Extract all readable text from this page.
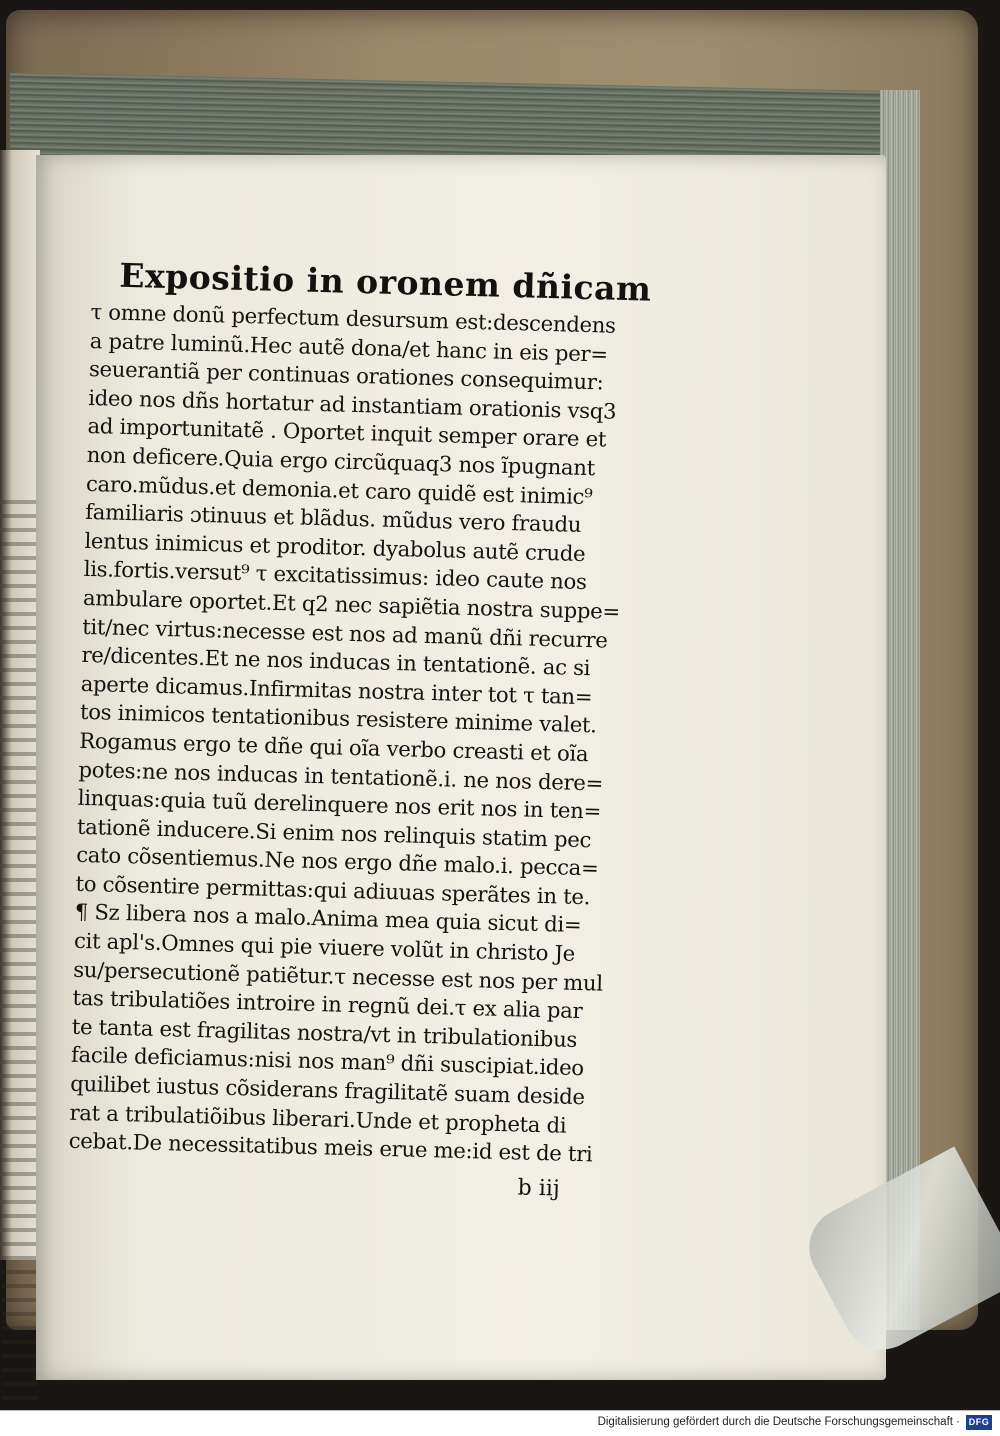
Expositio in oronem dñicam
τ omne donũ perfectum desursum est:descendens
a patre luminũ.Hec autẽ dona/et hanc in eis per=
seuerantiã per continuas orationes consequimur:
ideo nos dñs hortatur ad instantiam orationis vsq3
ad importunitatẽ . Oportet inquit semper orare et
non deficere.Quia ergo circũquaq3 nos ĩpugnant
caro.mũdus.et demonia.et caro quidẽ est inimic⁹
familiaris ɔtinuus et blãdus. mũdus vero fraudu
lentus inimicus et proditor. dyabolus autẽ crude
lis.fortis.versut⁹ τ excitatissimus: ideo caute nos
ambulare oportet.Et q2 nec sapiẽtia nostra suppe=
tit/nec virtus:necesse est nos ad manũ dñi recurre
re/dicentes.Et ne nos inducas in tentationẽ. ac si
aperte dicamus.Infirmitas nostra inter tot τ tan=
tos inimicos tentationibus resistere minime valet.
Rogamus ergo te dñe qui oĩa verbo creasti et oĩa
potes:ne nos inducas in tentationẽ.i. ne nos dere=
linquas:quia tuũ derelinquere nos erit nos in ten=
tationẽ inducere.Si enim nos relinquis statim pec
cato cõsentiemus.Ne nos ergo dñe malo.i. pecca=
to cõsentire permittas:qui adiuuas sperãtes in te.
¶ Sz libera nos a malo.Anima mea quia sicut di=
cit apl's.Omnes qui pie viuere volũt in christo Je
su/persecutionẽ patiẽtur.τ necesse est nos per mul
tas tribulatiões introire in regnũ dei.τ ex alia par
te tanta est fragilitas nostra/vt in tribulationibus
facile deficiamus:nisi nos man⁹ dñi suscipiat.ideo
quilibet iustus cõsiderans fragilitatẽ suam deside
rat a tribulatiõibus liberari.Unde et propheta di
cebat.De necessitatibus meis erue me:id est de tri
b iij
Digitalisierung gefördert durch die Deutsche Forschungsgemeinschaft · DFG
